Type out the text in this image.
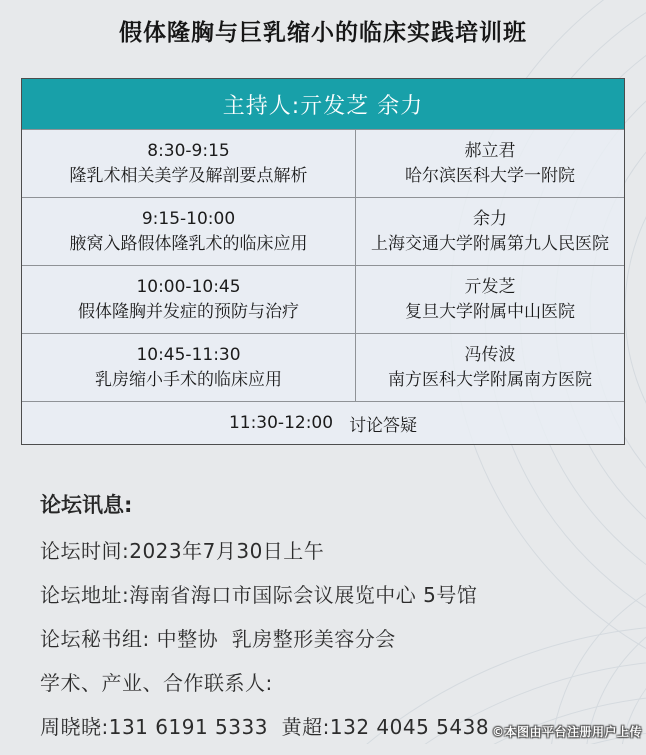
假体隆胸与巨乳缩小的临床实践培训班
主持人:亓发芝 余力
8:30-9:15
隆乳术相关美学及解剖要点解析
郝立君
哈尔滨医科大学一附院
9:15-10:00
腋窝入路假体隆乳术的临床应用
余力
上海交通大学附属第九人民医院
10:00-10:45
假体隆胸并发症的预防与治疗
亓发芝
复旦大学附属中山医院
10:45-11:30
乳房缩小手术的临床应用
冯传波
南方医科大学附属南方医院
11:30-12:00 讨论答疑
论坛讯息:
论坛时间:2023年7月30日上午
论坛地址:海南省海口市国际会议展览中心 5号馆
论坛秘书组: 中整协  乳房整形美容分会
学术、产业、合作联系人:
周晓晓:131 6191 5333  黄超:132 4045 5438 ©本图由平台注册用户上传
